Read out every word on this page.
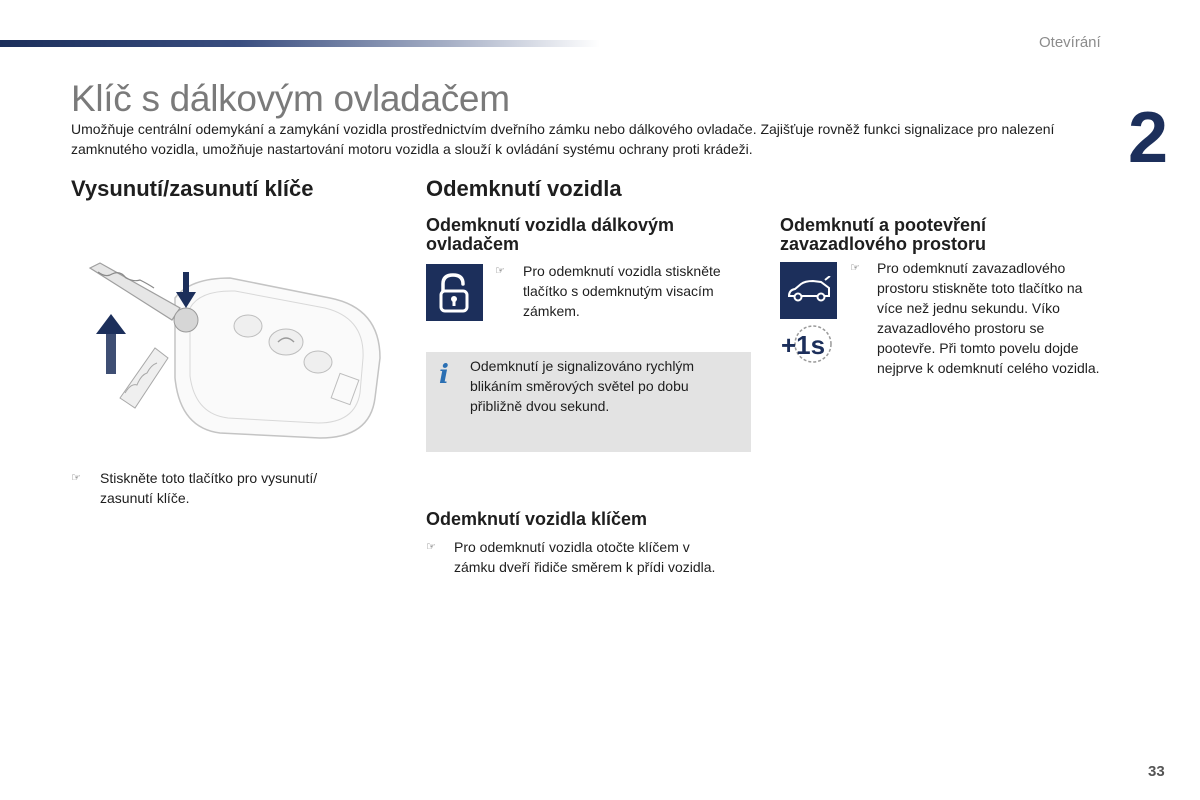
Otevírání
2
Klíč s dálkovým ovladačem

Umožňuje centrální odemykání a zamykání vozidla prostřednictvím dveřního zámku nebo dálkového ovladače. Zajišťuje rovněž funkci signalizace pro nalezení zamknutého vozidla, umožňuje nastartování motoru vozidla a slouží k ovládání systému ochrany proti krádeži.

Vysunutí/zasunutí klíče
☞ Stiskněte toto tlačítko pro vysunutí/ zasunutí klíče.
Odemknutí vozidla
Odemknutí vozidla dálkovým ovladačem
☞ Pro odemknutí vozidla stiskněte tlačítko s odemknutým visacím zámkem.
i Odemknutí je signalizováno rychlým blikáním směrových světel po dobu přibližně dvou sekund.
Odemknutí vozidla klíčem
☞ Pro odemknutí vozidla otočte klíčem v zámku dveří řidiče směrem k přídi vozidla.
Odemknutí a pootevření zavazadlového prostoru
+1s
☞ Pro odemknutí zavazadlového prostoru stiskněte toto tlačítko na více než jednu sekundu. Víko zavazadlového prostoru se pootevře. Při tomto povelu dojde nejprve k odemknutí celého vozidla.
33
